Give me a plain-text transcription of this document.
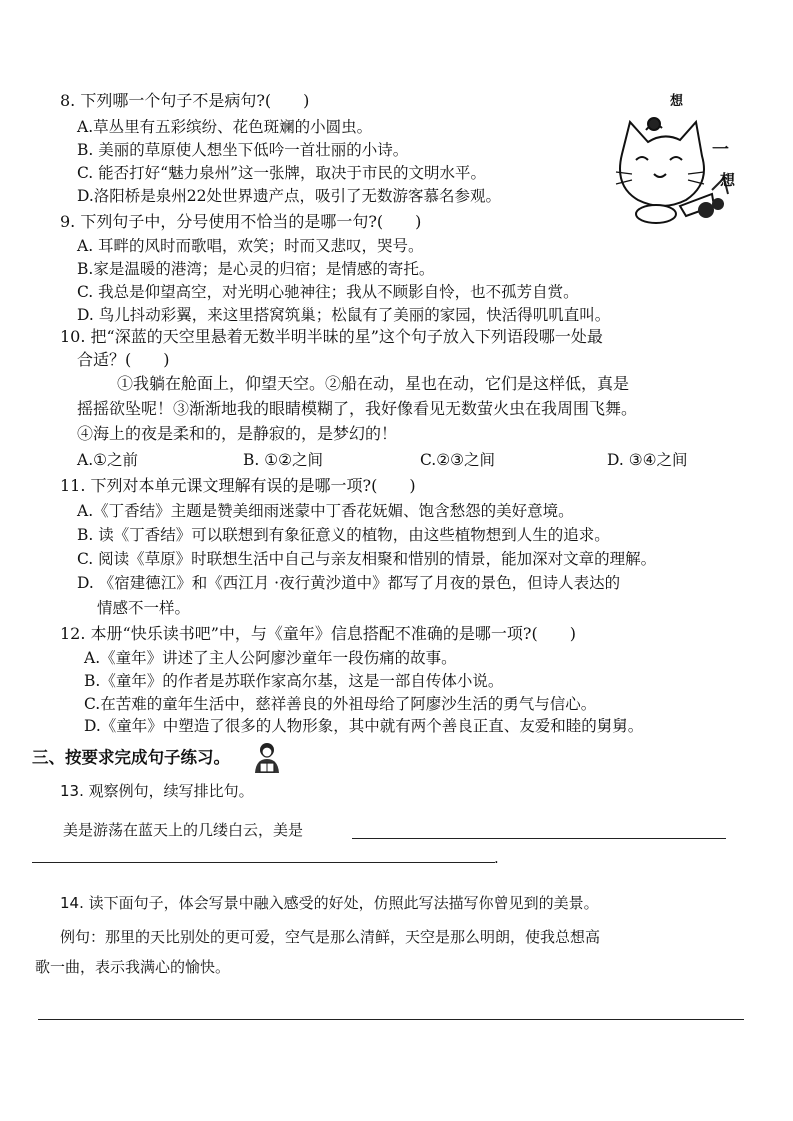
8. 下列哪一个句子不是病句?(　　)
A.草丛里有五彩缤纷、花色斑斓的小圆虫。
B. 美丽的草原使人想坐下低吟一首壮丽的小诗。
C. 能否打好“魅力泉州”这一张牌，取决于市民的文明水平。
D.洛阳桥是泉州22处世界遗产点，吸引了无数游客慕名参观。
想
一
想
9. 下列句子中，分号使用不恰当的是哪一句?(　　)
A. 耳畔的风时而歌唱，欢笑；时而又悲叹，哭号。
B.家是温暖的港湾；是心灵的归宿；是情感的寄托。
C. 我总是仰望高空，对光明心驰神往；我从不顾影自怜，也不孤芳自赏。
D. 鸟儿抖动彩翼，来这里搭窝筑巢；松鼠有了美丽的家园，快活得叽叽直叫。
10. 把“深蓝的天空里悬着无数半明半昧的星”这个句子放入下列语段哪一处最
合适？(　　)
①我躺在舱面上，仰望天空。②船在动，星也在动，它们是这样低，真是
摇摇欲坠呢！③渐渐地我的眼睛模糊了，我好像看见无数萤火虫在我周围飞舞。
④海上的夜是柔和的，是静寂的，是梦幻的！
A.①之前	B. ①②之间	C.②③之间	D. ③④之间
11. 下列对本单元课文理解有误的是哪一项?(　　)
A.《丁香结》主题是赞美细雨迷蒙中丁香花妩媚、饱含愁怨的美好意境。
B. 读《丁香结》可以联想到有象征意义的植物，由这些植物想到人生的追求。
C. 阅读《草原》时联想生活中自己与亲友相聚和惜别的情景，能加深对文章的理解。
D. 《宿建德江》和《西江月 ·夜行黄沙道中》都写了月夜的景色，但诗人表达的
情感不一样。
12. 本册“快乐读书吧”中，与《童年》信息搭配不准确的是哪一项?(　　)
A.《童年》讲述了主人公阿廖沙童年一段伤痛的故事。
B.《童年》的作者是苏联作家高尔基，这是一部自传体小说。
C.在苦难的童年生活中，慈祥善良的外祖母给了阿廖沙生活的勇气与信心。
D.《童年》中塑造了很多的人物形象，其中就有两个善良正直、友爱和睦的舅舅。
三、按要求完成句子练习。
13. 观察例句，续写排比句。
美是游荡在蓝天上的几缕白云，美是
.
14. 读下面句子，体会写景中融入感受的好处，仿照此写法描写你曾见到的美景。
例句：那里的天比别处的更可爱，空气是那么清鲜，天空是那么明朗，使我总想高
歌一曲，表示我满心的愉快。
